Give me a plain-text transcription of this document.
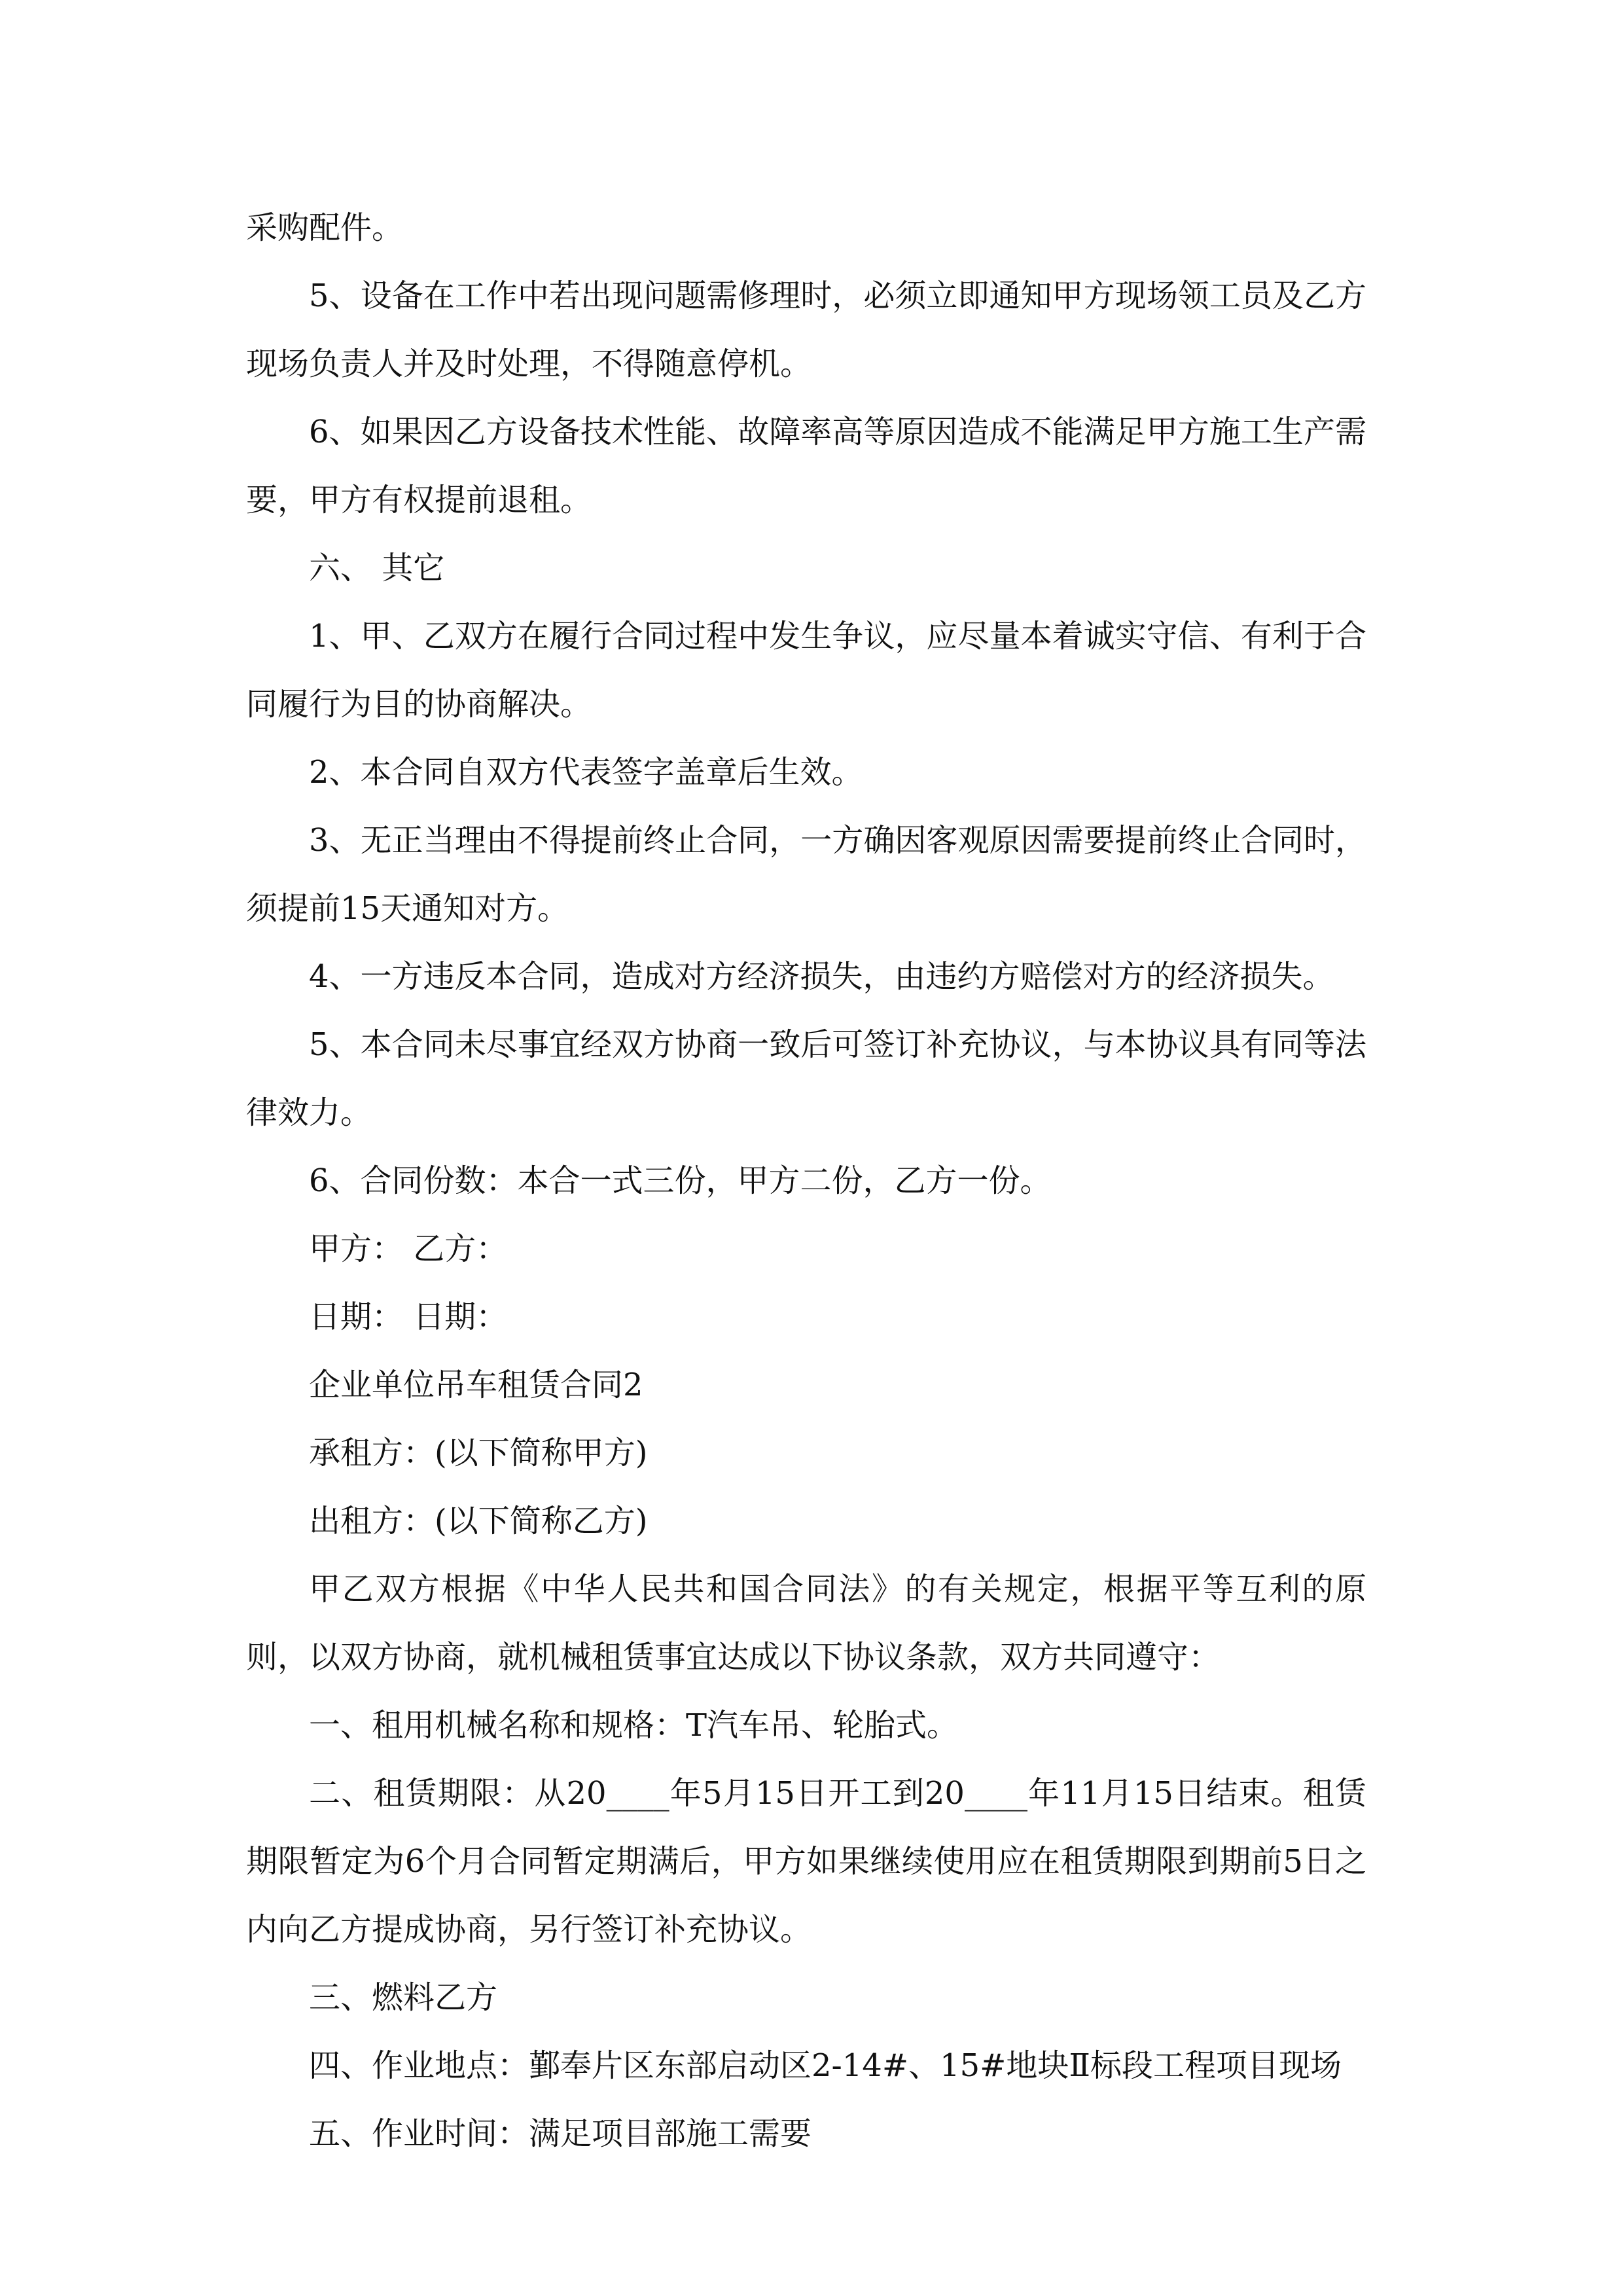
采购配件。

5、设备在工作中若出现问题需修理时，必须立即通知甲方现场领工员及乙方现场负责人并及时处理，不得随意停机。

6、如果因乙方设备技术性能、故障率高等原因造成不能满足甲方施工生产需要，甲方有权提前退租。

六、 其它

1、甲、乙双方在履行合同过程中发生争议，应尽量本着诚实守信、有利于合同履行为目的协商解决。

2、本合同自双方代表签字盖章后生效。

3、无正当理由不得提前终止合同，一方确因客观原因需要提前终止合同时，须提前15天通知对方。

4、一方违反本合同，造成对方经济损失，由违约方赔偿对方的经济损失。

5、本合同未尽事宜经双方协商一致后可签订补充协议，与本协议具有同等法律效力。

6、合同份数：本合一式三份，甲方二份，乙方一份。

甲方： 乙方：

日期： 日期：

企业单位吊车租赁合同2

承租方：(以下简称甲方)

出租方：(以下简称乙方)

甲乙双方根据《中华人民共和国合同法》的有关规定，根据平等互利的原则，以双方协商，就机械租赁事宜达成以下协议条款，双方共同遵守：

一、租用机械名称和规格：T汽车吊、轮胎式。

二、租赁期限：从20____年5月15日开工到20____年11月15日结束。租赁期限暂定为6个月合同暂定期满后，甲方如果继续使用应在租赁期限到期前5日之内向乙方提成协商，另行签订补充协议。

三、燃料乙方

四、作业地点：鄞奉片区东部启动区2-14#、15#地块Ⅱ标段工程项目现场

五、作业时间：满足项目部施工需要
